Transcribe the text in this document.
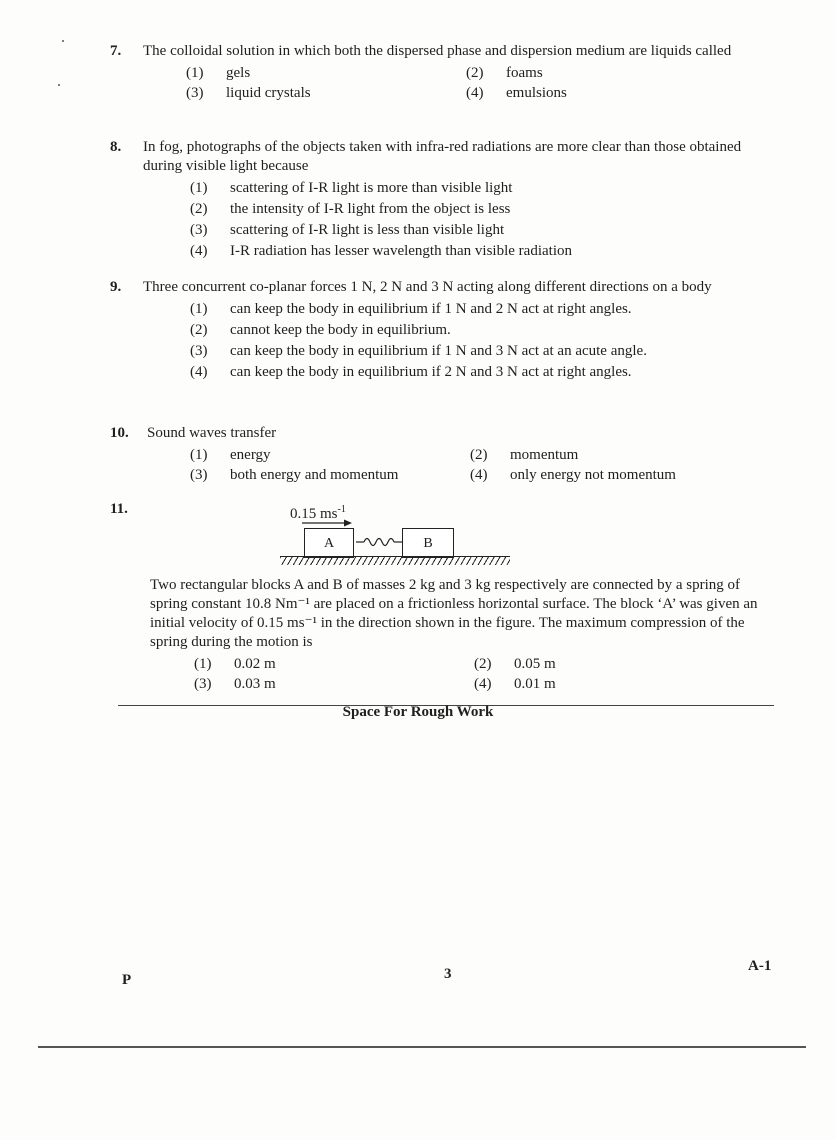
7. The colloidal solution in which both the dispersed phase and dispersion medium are liquids called
(1)	gels	(2)	foams
(3)	liquid crystals	(4)	emulsions
8. In fog, photographs of the objects taken with infra-red radiations are more clear than those obtained during visible light because
(1)	scattering of I-R light is more than visible light
(2)	the intensity of I-R light from the object is less
(3)	scattering of I-R light is less than visible light
(4)	I-R radiation has lesser wavelength than visible radiation
9. Three concurrent co-planar forces 1 N, 2 N and 3 N acting along different directions on a body
(1)	can keep the body in equilibrium if 1 N and 2 N act at right angles.
(2)	cannot keep the body in equilibrium.
(3)	can keep the body in equilibrium if 1 N and 3 N act at an acute angle.
(4)	can keep the body in equilibrium if 2 N and 3 N act at right angles.
10. Sound waves transfer
(1)	energy	(2)	momentum
(3)	both energy and momentum	(4)	only energy not momentum
11.	0.15 $ms^{-1}$
A	B
Two rectangular blocks A and B of masses 2 kg and 3 kg respectively are connected by a spring of spring constant 10.8 Nm⁻¹ are placed on a frictionless horizontal surface. The block ‘A’ was given an initial velocity of 0.15 ms⁻¹ in the direction shown in the figure. The maximum compression of the spring during the motion is
(1)	0.02 m	(2)	0.05 m
(3)	0.03 m	(4)	0.01 m
Space For Rough Work
P	3	A-1
